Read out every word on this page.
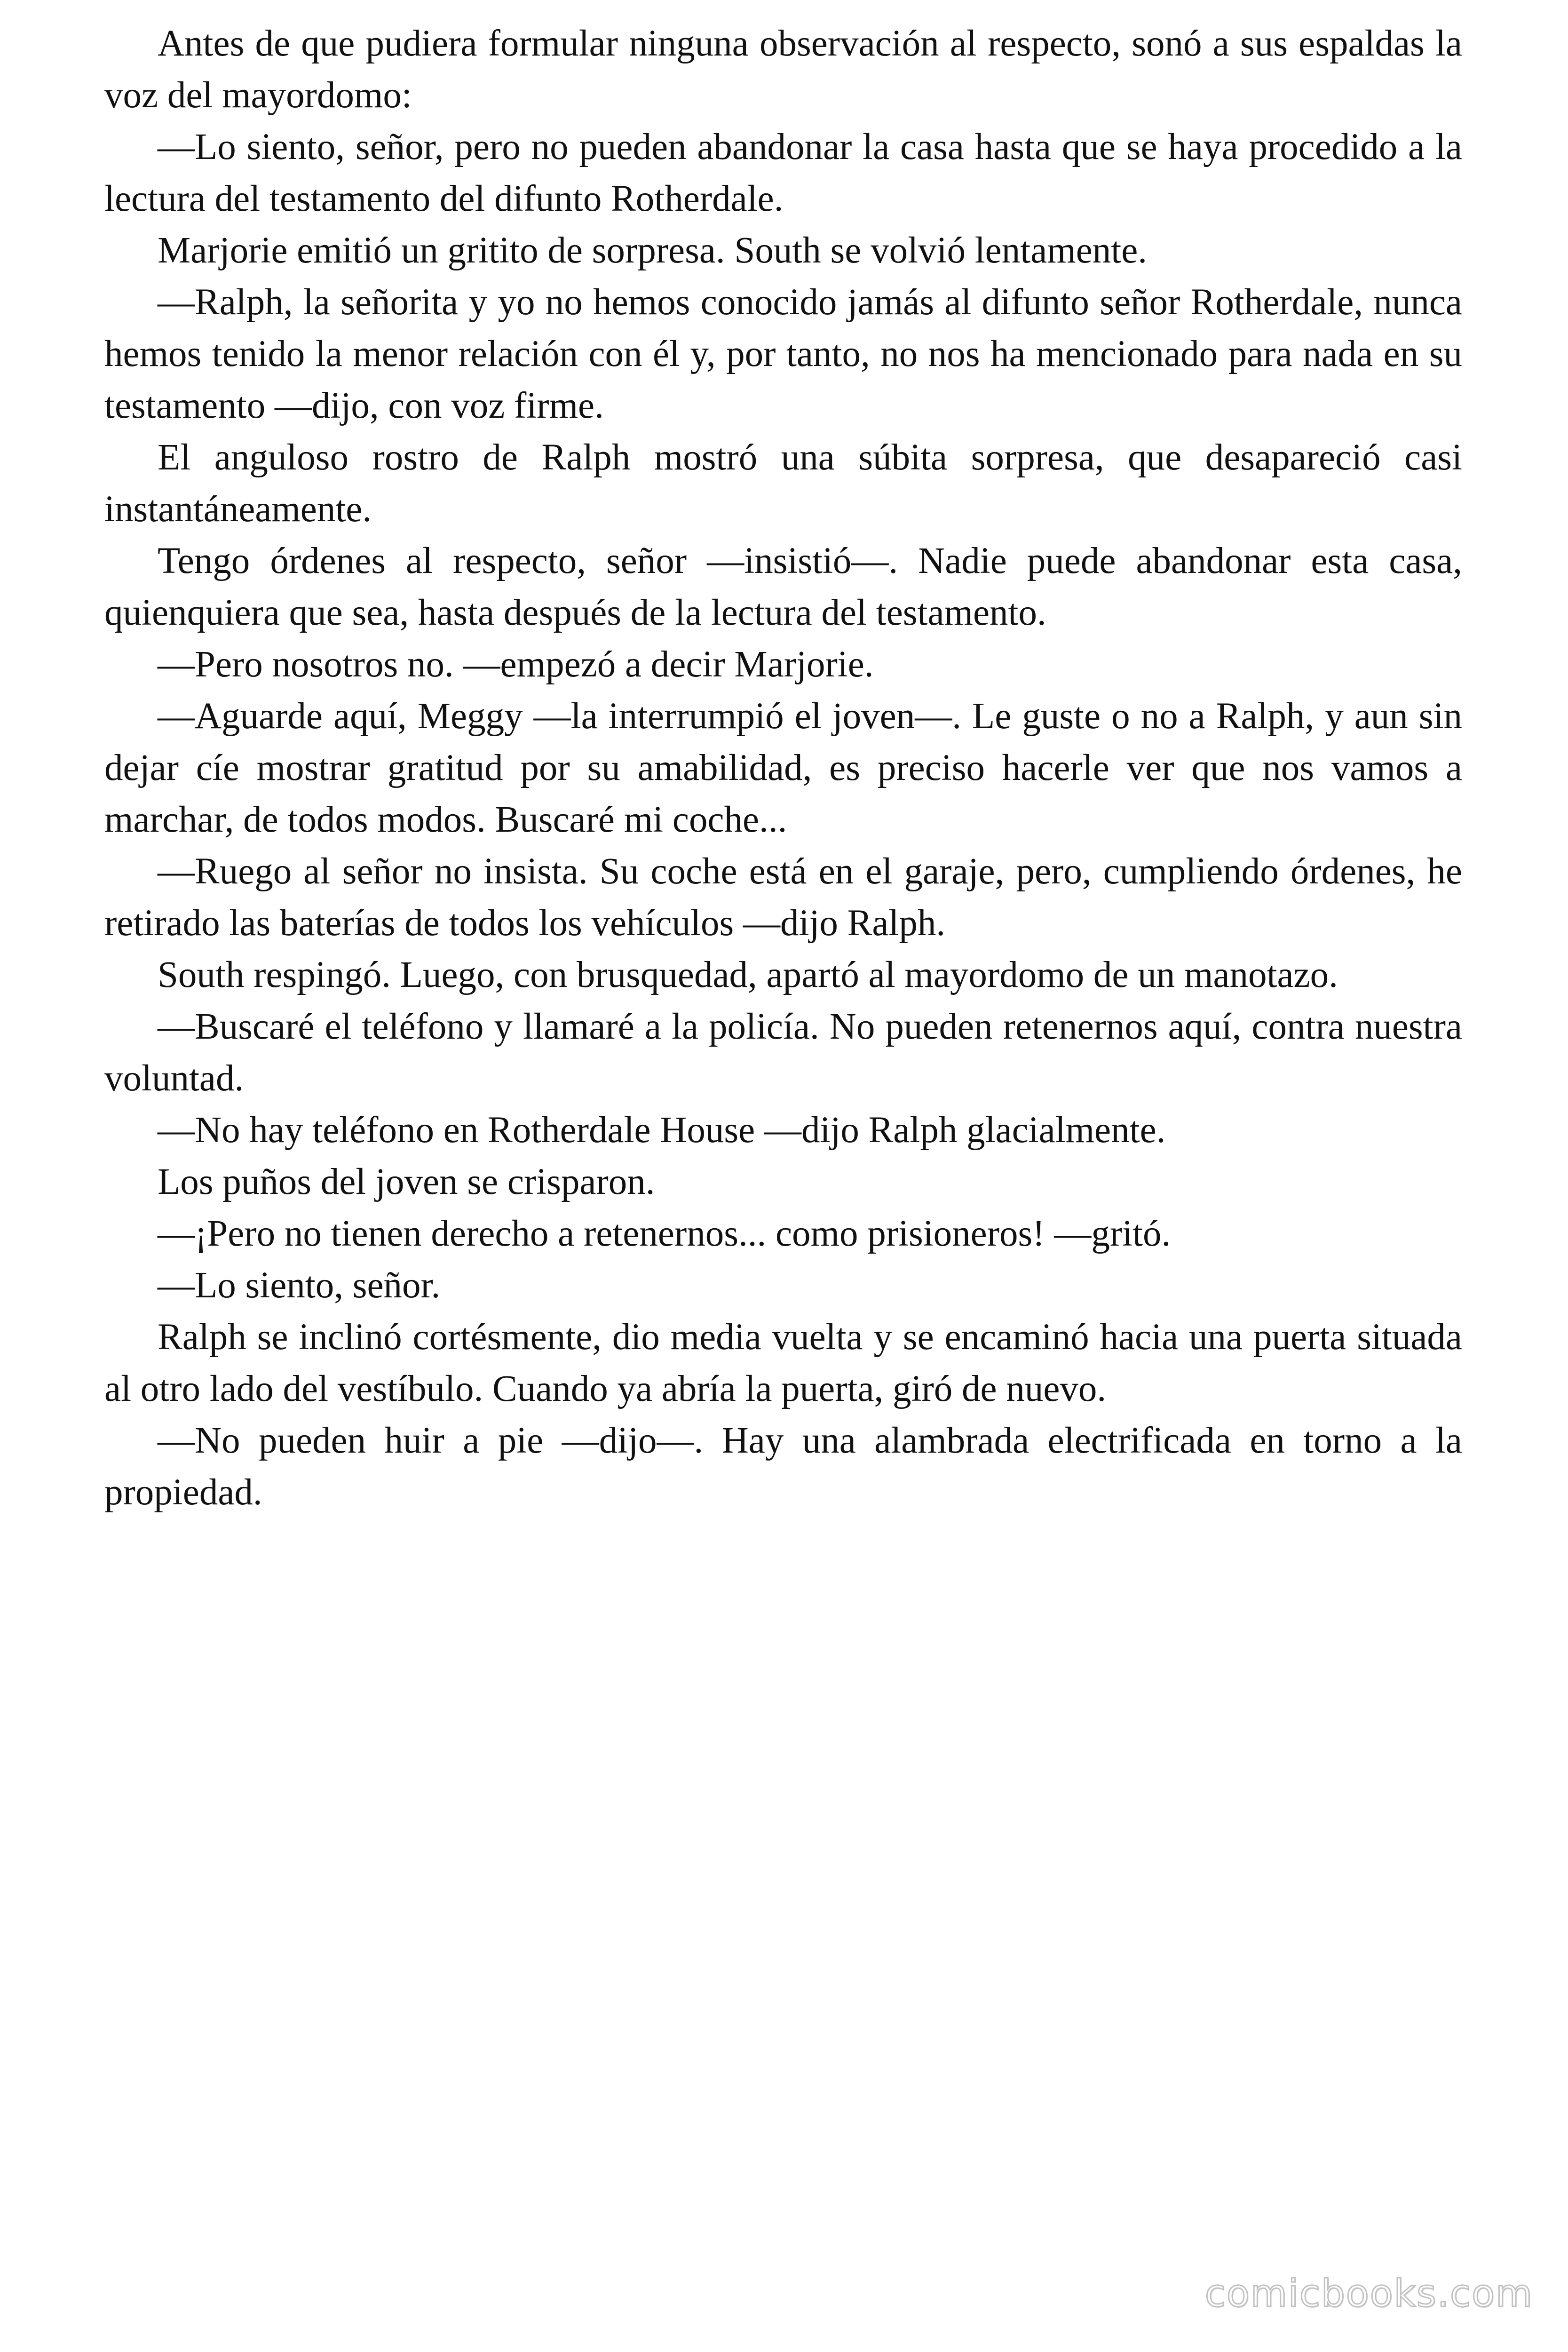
Antes de que pudiera formular ninguna observación al respecto, sonó a sus espaldas la voz del mayordomo:

—Lo siento, señor, pero no pueden abandonar la casa hasta que se haya procedido a la lectura del testamento del difunto Rotherdale.

Marjorie emitió un gritito de sorpresa. South se volvió lentamente.

—Ralph, la señorita y yo no hemos conocido jamás al difunto señor Rotherdale, nunca hemos tenido la menor relación con él y, por tanto, no nos ha mencionado para nada en su testamento —dijo, con voz firme.

El anguloso rostro de Ralph mostró una súbita sorpresa, que desapareció casi instantáneamente.

Tengo órdenes al respecto, señor —insistió—. Nadie puede abandonar esta casa, quienquiera que sea, hasta después de la lectura del testamento.

—Pero nosotros no. —empezó a decir Marjorie.

—Aguarde aquí, Meggy —la interrumpió el joven—. Le guste o no a Ralph, y aun sin dejar cíe mostrar gratitud por su amabilidad, es preciso hacerle ver que nos vamos a marchar, de todos modos. Buscaré mi coche...

—Ruego al señor no insista. Su coche está en el garaje, pero, cumpliendo órdenes, he retirado las baterías de todos los vehículos —dijo Ralph.

South respingó. Luego, con brusquedad, apartó al mayordomo de un manotazo.

—Buscaré el teléfono y llamaré a la policía. No pueden retenernos aquí, contra nuestra voluntad.

—No hay teléfono en Rotherdale House —dijo Ralph glacialmente.

Los puños del joven se crisparon.

—¡Pero no tienen derecho a retenernos... como prisioneros! —gritó.

—Lo siento, señor.

Ralph se inclinó cortésmente, dio media vuelta y se encaminó hacia una puerta situada al otro lado del vestíbulo. Cuando ya abría la puerta, giró de nuevo.

—No pueden huir a pie —dijo—. Hay una alambrada electrificada en torno a la propiedad.

comicbooks.com
